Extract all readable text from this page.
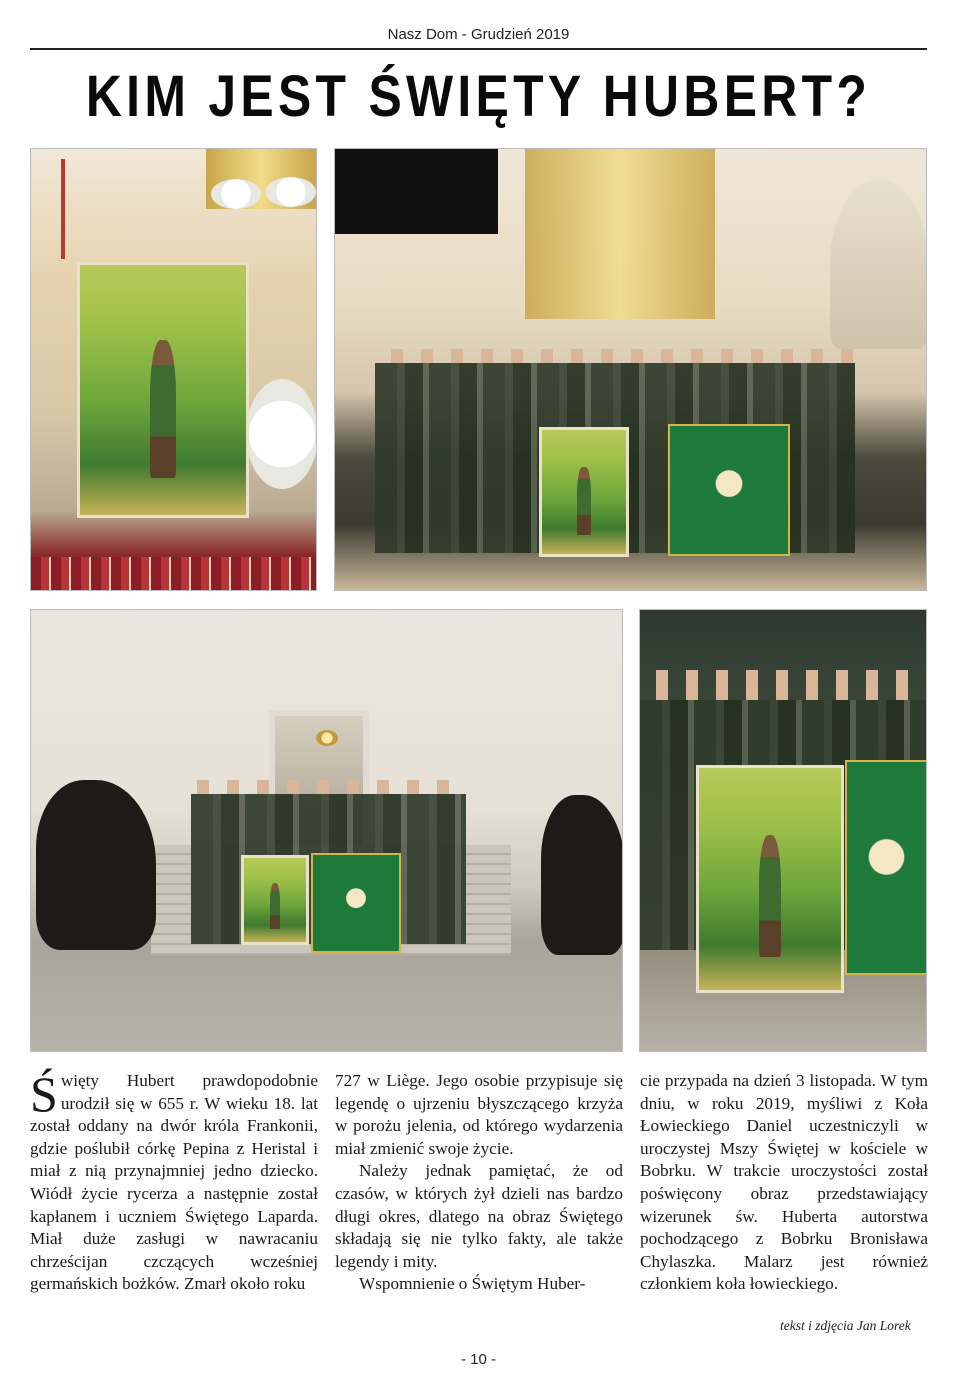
Nasz Dom - Grudzień 2019
KIM JEST ŚWIĘTY HUBERT?

Święty Hubert prawdopodobnie urodził się w 655 r. W wieku 18. lat został oddany na dwór króla Frankonii, gdzie poślubił córkę Pepina z Heristal i miał z nią przynajmniej jedno dziecko. Wiódł życie rycerza a następnie został kapłanem i uczniem Świętego Laparda. Miał duże zasługi w nawracaniu chrześcijan czczących wcześniej germańskich bożków. Zmarł około roku

727 w Liège. Jego osobie przypisuje się legendę o ujrzeniu błyszczącego krzyża w porożu jelenia, od którego wydarzenia miał zmienić swoje życie.

Należy jednak pamiętać, że od czasów, w których żył dzieli nas bardzo długi okres, dlatego na obraz Świętego składają się nie tylko fakty, ale także legendy i mity.

Wspomnienie o Świętym Huber-

cie przypada na dzień 3 listopada. W tym dniu, w roku 2019, myśliwi z Koła Łowieckiego Daniel uczestniczyli w uroczystej Mszy Świętej w kościele w Bobrku. W trakcie uroczystości został poświęcony obraz przedstawiający wizerunek św. Huberta autorstwa pochodzącego z Bobrku Bronisława Chylaszka. Malarz jest również członkiem koła łowieckiego.

tekst i zdjęcia Jan Lorek
- 10 -
